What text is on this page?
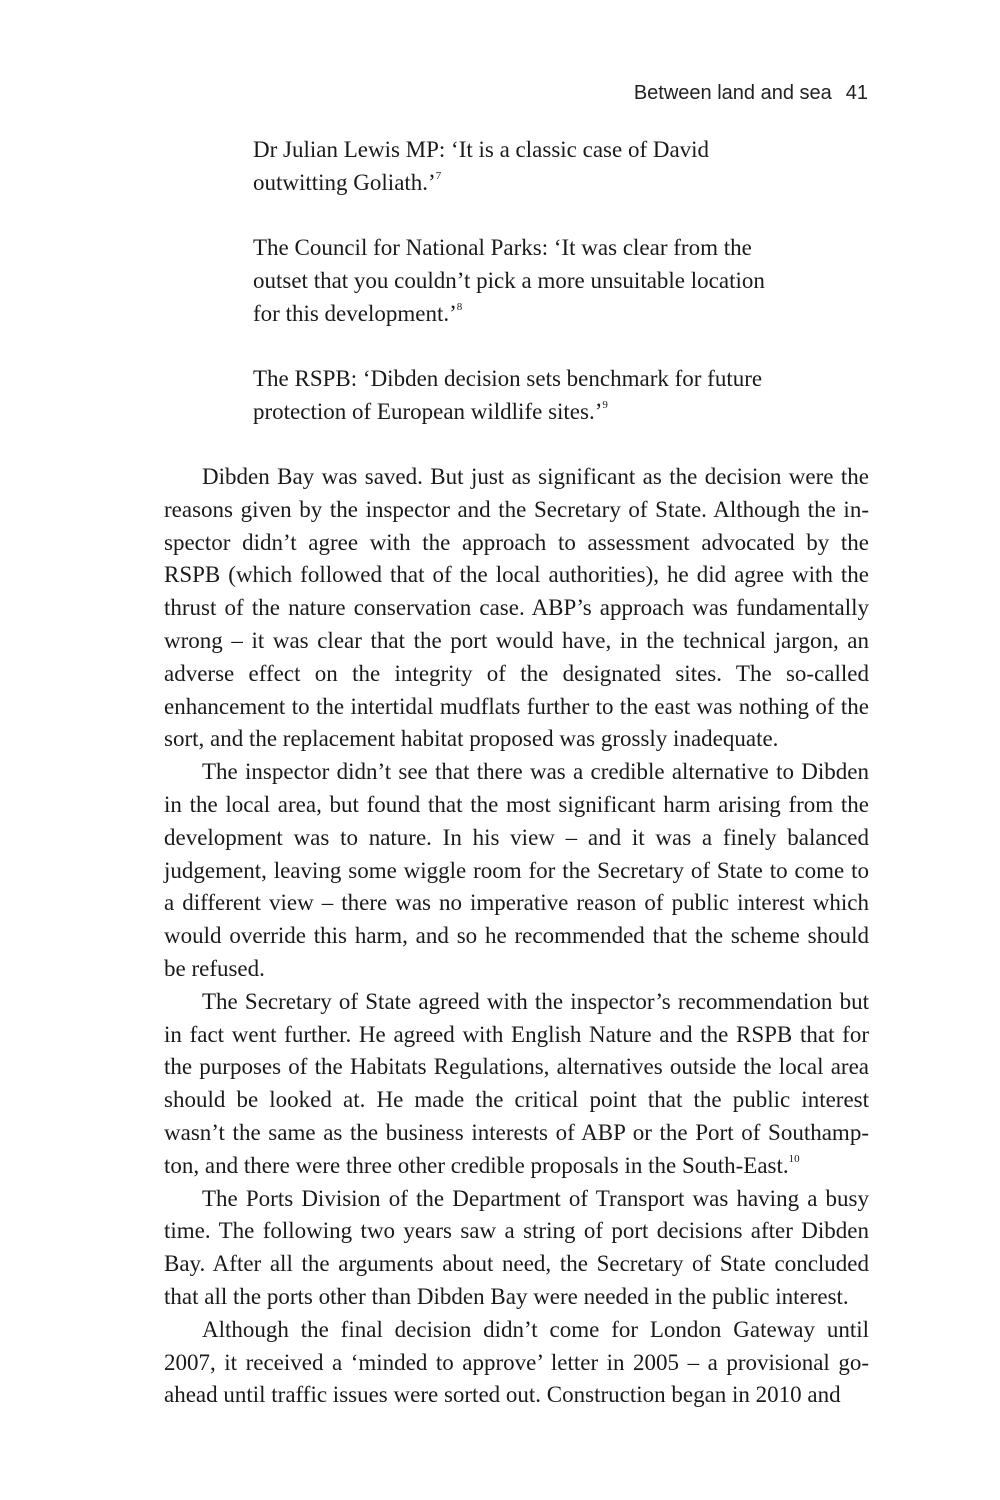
Between land and sea 41

Dr Julian Lewis MP: ‘It is a classic case of David
outwitting Goliath.’$^7$

The Council for National Parks: ‘It was clear from the
outset that you couldn’t pick a more unsuitable location
for this development.’$^8$

The RSPB: ‘Dibden decision sets benchmark for future
protection of European wildlife sites.’$^9$

Dibden Bay was saved. But just as significant as the decision were the reasons given by the inspector and the Secretary of State. Although the inspector didn’t agree with the approach to assessment advocated by the RSPB (which followed that of the local authorities), he did agree with the thrust of the nature conservation case. ABP’s approach was fundamentally wrong – it was clear that the port would have, in the technical jargon, an adverse effect on the integrity of the designated sites. The so-called enhancement to the intertidal mudflats further to the east was nothing of the sort, and the replacement habitat proposed was grossly inadequate.

The inspector didn’t see that there was a credible alternative to Dibden in the local area, but found that the most significant harm arising from the development was to nature. In his view – and it was a finely balanced judgement, leaving some wiggle room for the Secretary of State to come to a different view – there was no imperative reason of public interest which would override this harm, and so he recommended that the scheme should be refused.

The Secretary of State agreed with the inspector’s recommendation but in fact went further. He agreed with English Nature and the RSPB that for the purposes of the Habitats Regulations, alternatives outside the local area should be looked at. He made the critical point that the public interest wasn’t the same as the business interests of ABP or the Port of Southampton, and there were three other credible proposals in the South-East.$^{10}$

The Ports Division of the Department of Transport was having a busy time. The following two years saw a string of port decisions after Dibden Bay. After all the arguments about need, the Secretary of State concluded that all the ports other than Dibden Bay were needed in the public interest.

Although the final decision didn’t come for London Gateway until 2007, it received a ‘minded to approve’ letter in 2005 – a provisional go-ahead until traffic issues were sorted out. Construction began in 2010 and
